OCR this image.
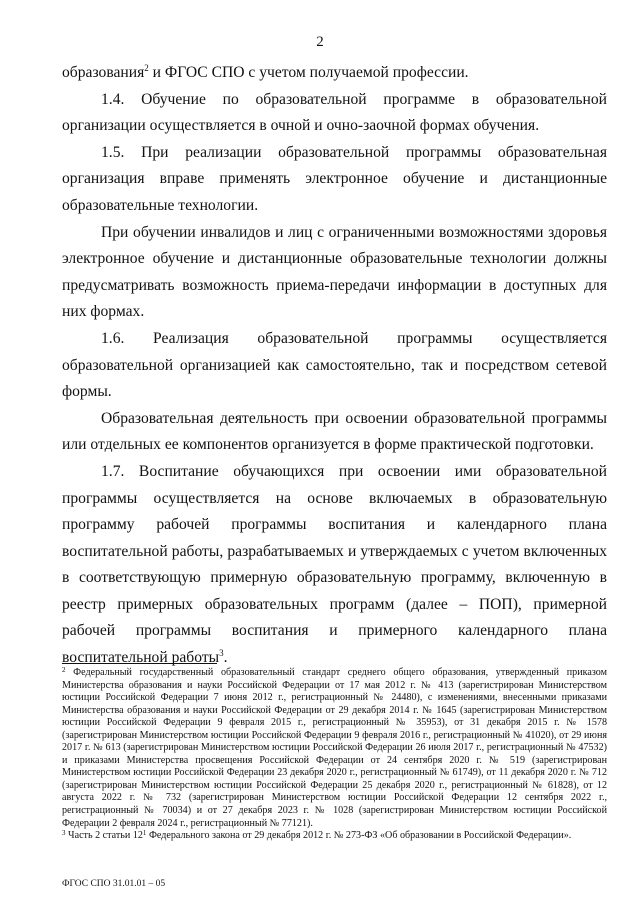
2

образования$^2$ и ФГОС СПО с учетом получаемой профессии.

1.4. Обучение по образовательной программе в образовательной организации осуществляется в очной и очно-заочной формах обучения.

1.5. При реализации образовательной программы образовательная организация вправе применять электронное обучение и дистанционные образовательные технологии.

При обучении инвалидов и лиц с ограниченными возможностями здоровья электронное обучение и дистанционные образовательные технологии должны предусматривать возможность приема-передачи информации в доступных для них формах.

1.6. Реализация образовательной программы осуществляется образовательной организацией как самостоятельно, так и посредством сетевой формы.

Образовательная деятельность при освоении образовательной программы или отдельных ее компонентов организуется в форме практической подготовки.

1.7. Воспитание обучающихся при освоении ими образовательной программы осуществляется на основе включаемых в образовательную программу рабочей программы воспитания и календарного плана воспитательной работы, разрабатываемых и утверждаемых с учетом включенных в соответствующую примерную образовательную программу, включенную в реестр примерных образовательных программ (далее – ПОП), примерной рабочей программы воспитания и примерного календарного плана воспитательной работы$^3$.

$^2$ Федеральный государственный образовательный стандарт среднего общего образования, утвержденный приказом Министерства образования и науки Российской Федерации от 17 мая 2012 г. № 413 (зарегистрирован Министерством юстиции Российской Федерации 7 июня 2012 г., регистрационный № 24480), с изменениями, внесенными приказами Министерства образования и науки Российской Федерации от 29 декабря 2014 г. № 1645 (зарегистрирован Министерством юстиции Российской Федерации 9 февраля 2015 г., регистрационный № 35953), от 31 декабря 2015 г. № 1578 (зарегистрирован Министерством юстиции Российской Федерации 9 февраля 2016 г., регистрационный № 41020), от 29 июня 2017 г. № 613 (зарегистрирован Министерством юстиции Российской Федерации 26 июля 2017 г., регистрационный № 47532) и приказами Министерства просвещения Российской Федерации от 24 сентября 2020 г. № 519 (зарегистрирован Министерством юстиции Российской Федерации 23 декабря 2020 г., регистрационный № 61749), от 11 декабря 2020 г. № 712 (зарегистрирован Министерством юстиции Российской Федерации 25 декабря 2020 г., регистрационный № 61828), от 12 августа 2022 г. № 732 (зарегистрирован Министерством юстиции Российской Федерации 12 сентября 2022 г., регистрационный № 70034) и от 27 декабря 2023 г. № 1028 (зарегистрирован Министерством юстиции Российской Федерации 2 февраля 2024 г., регистрационный № 77121).

$^3$ Часть 2 статьи $12^1$ Федерального закона от 29 декабря 2012 г. № 273-ФЗ «Об образовании в Российской Федерации».

ФГОС СПО 31.01.01 – 05
